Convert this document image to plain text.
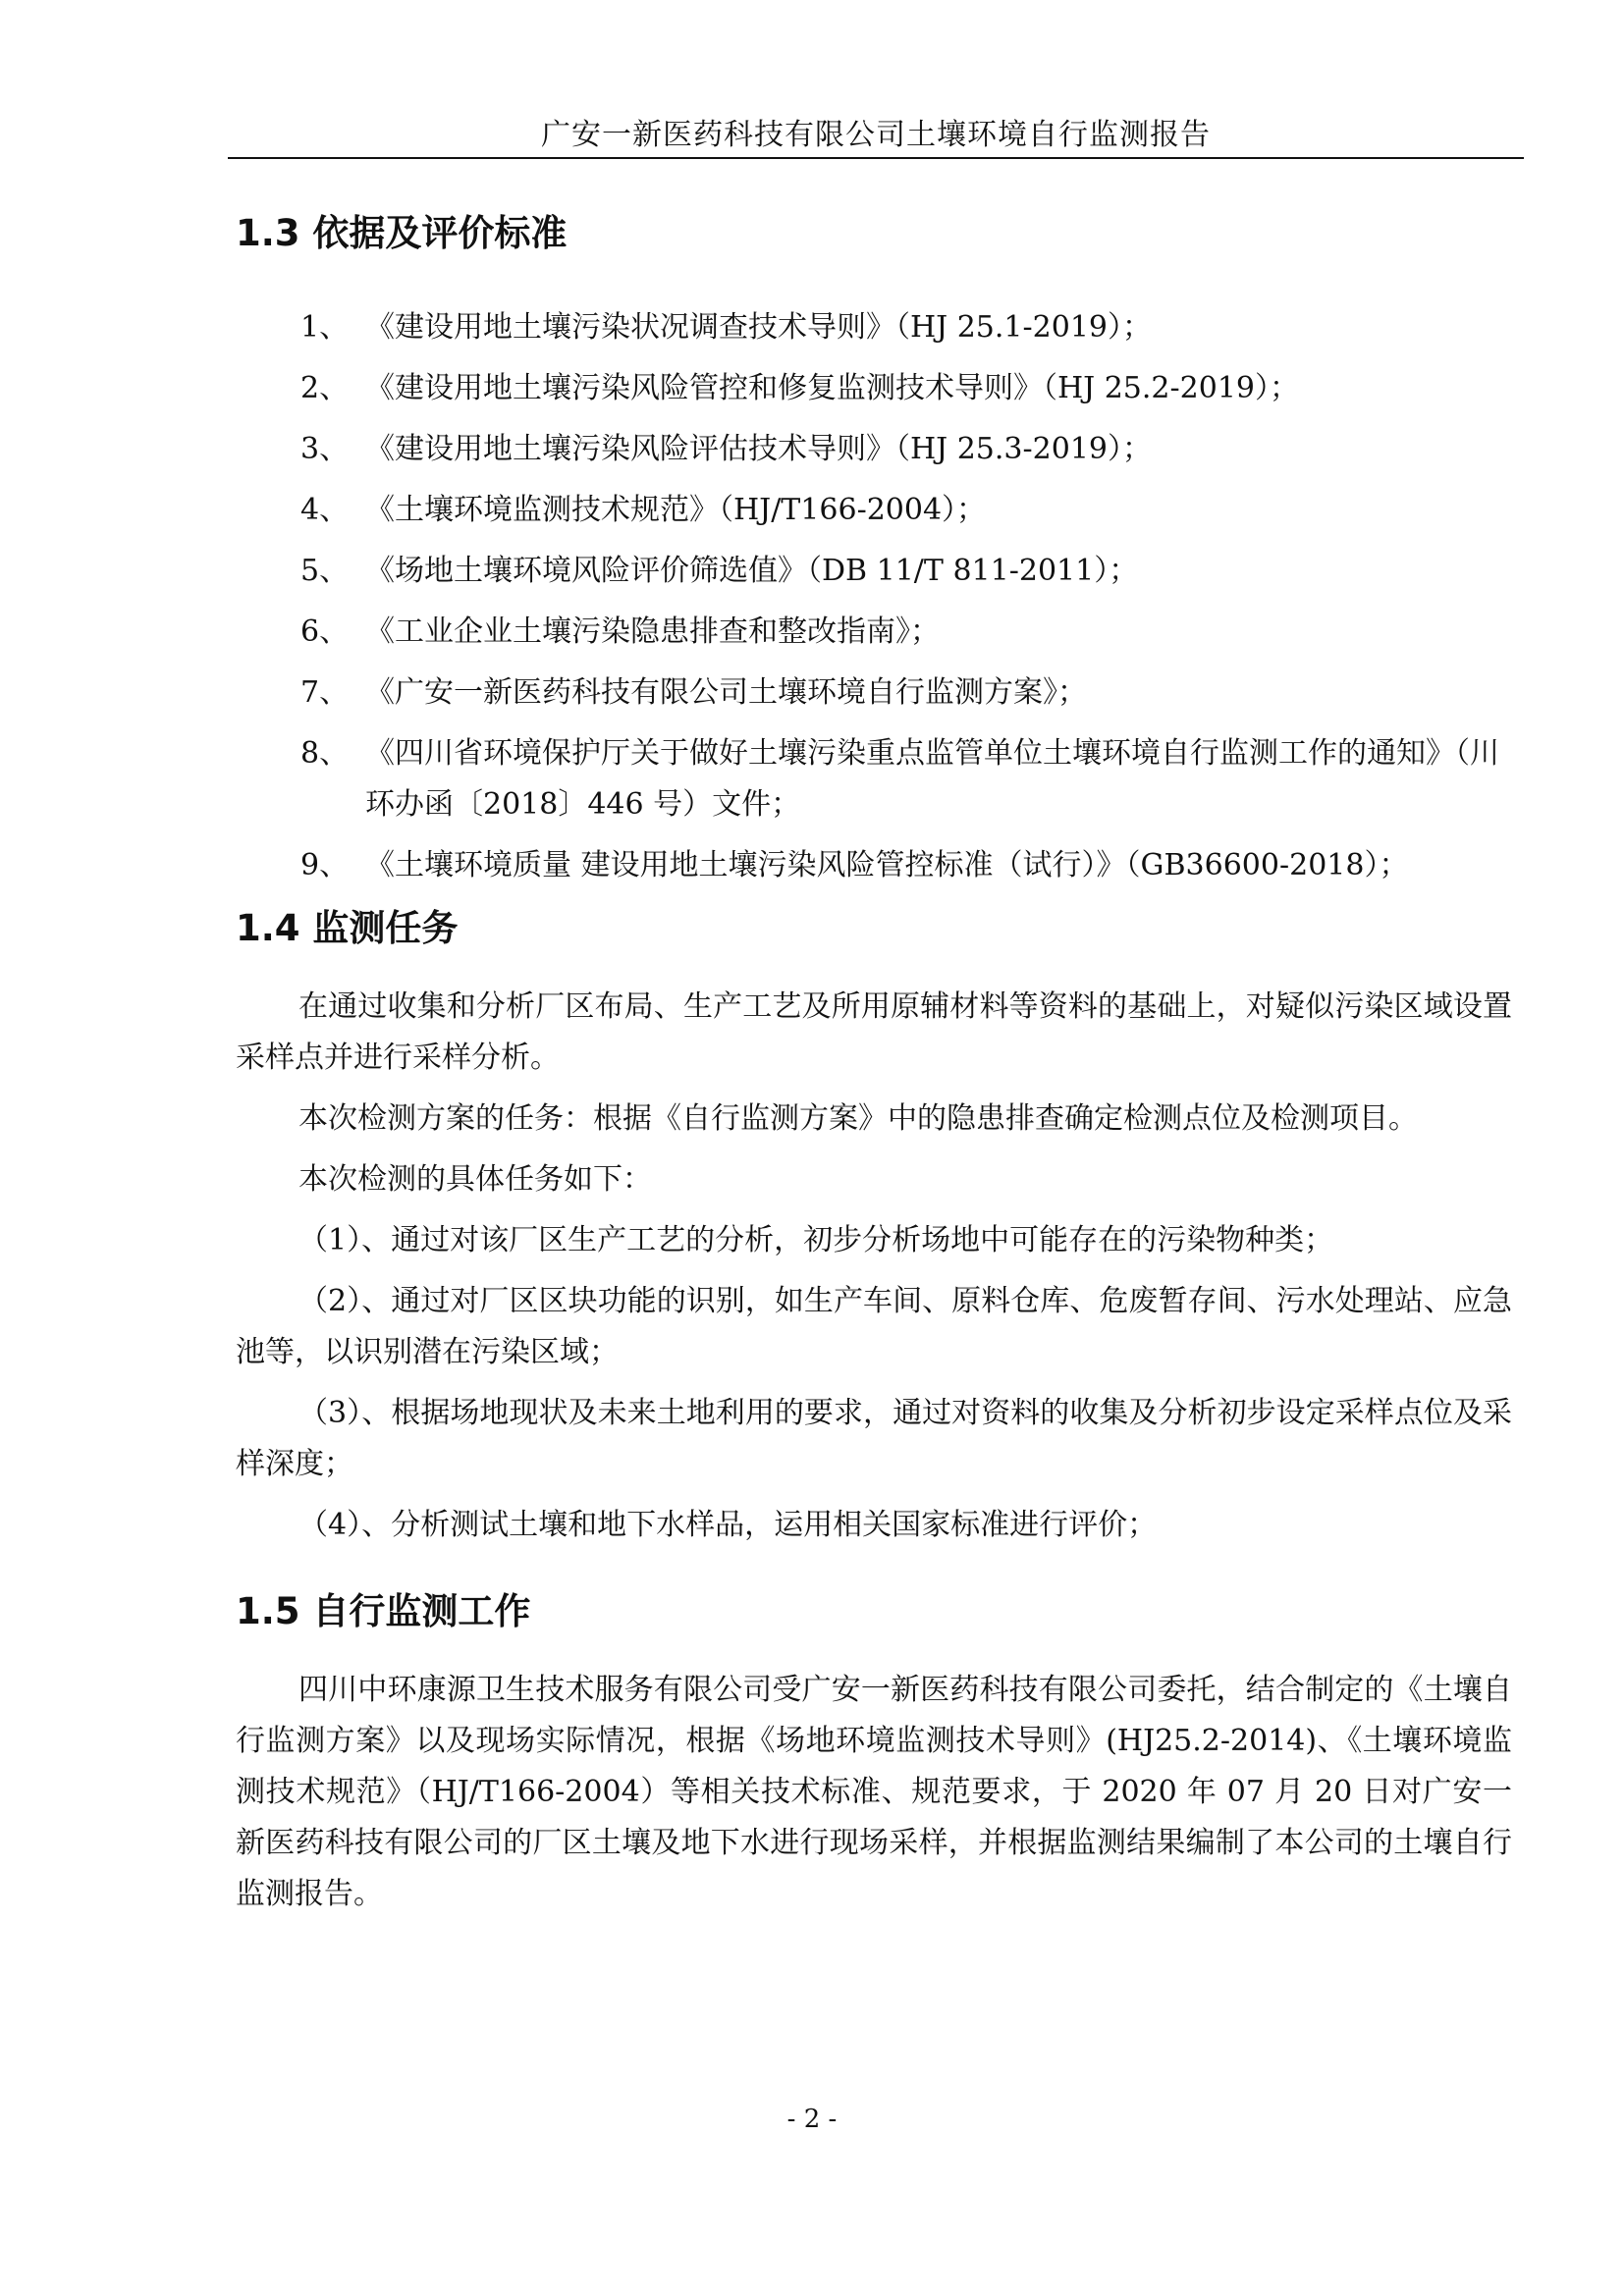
广安一新医药科技有限公司土壤环境自行监测报告
1.3 依据及评价标准
1、 《建设用地土壤污染状况调查技术导则》（HJ 25.1-2019）；
2、 《建设用地土壤污染风险管控和修复监测技术导则》（HJ 25.2-2019）；
3、 《建设用地土壤污染风险评估技术导则》（HJ 25.3-2019）；
4、 《土壤环境监测技术规范》（HJ/T166-2004）；
5、 《场地土壤环境风险评价筛选值》（DB 11/T 811-2011）；
6、 《工业企业土壤污染隐患排查和整改指南》；
7、 《广安一新医药科技有限公司土壤环境自行监测方案》；
8、 《四川省环境保护厅关于做好土壤污染重点监管单位土壤环境自行监测工作的通知》（川环办函〔2018〕446 号）文件；
9、 《土壤环境质量 建设用地土壤污染风险管控标准（试行）》（GB36600-2018）；
1.4 监测任务

在通过收集和分析厂区布局、生产工艺及所用原辅材料等资料的基础上，对疑似污染区域设置采样点并进行采样分析。

本次检测方案的任务：根据《自行监测方案》中的隐患排查确定检测点位及检测项目。

本次检测的具体任务如下：

（1）、通过对该厂区生产工艺的分析，初步分析场地中可能存在的污染物种类；

（2）、通过对厂区区块功能的识别，如生产车间、原料仓库、危废暂存间、污水处理站、应急池等，以识别潜在污染区域；

（3）、根据场地现状及未来土地利用的要求，通过对资料的收集及分析初步设定采样点位及采样深度；

（4）、分析测试土壤和地下水样品，运用相关国家标准进行评价；

1.5 自行监测工作

四川中环康源卫生技术服务有限公司受广安一新医药科技有限公司委托，结合制定的《土壤自行监测方案》以及现场实际情况，根据《场地环境监测技术导则》(HJ25.2-2014)、《土壤环境监测技术规范》（HJ/T166-2004）等相关技术标准、规范要求，于 2020 年 07 月 20 日对广安一新医药科技有限公司的厂区土壤及地下水进行现场采样，并根据监测结果编制了本公司的土壤自行监测报告。

- 2 -
